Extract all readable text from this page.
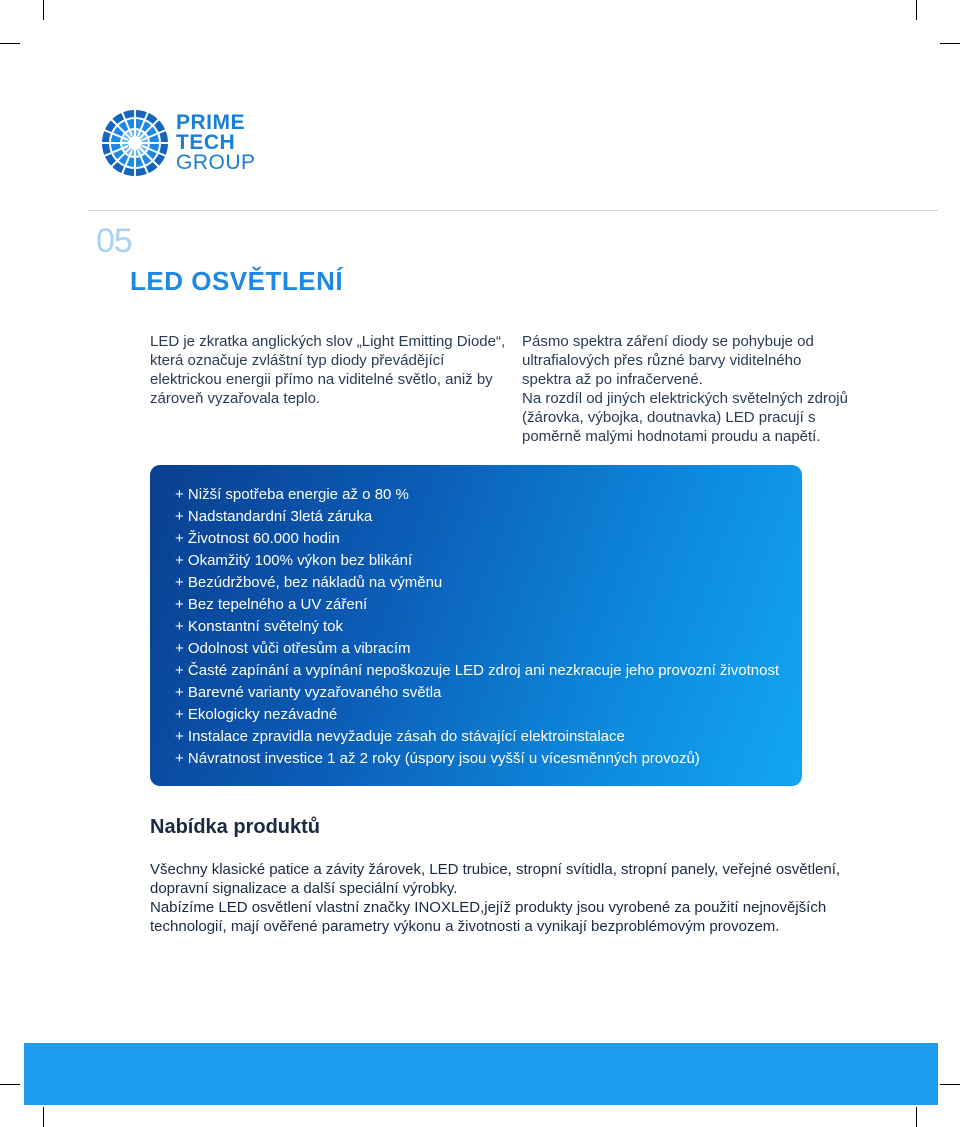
PRIME
TECH
GROUP
05
LED OSVĚTLENÍ

LED je zkratka anglických slov „Light Emitting Diode“, která označuje zvláštní typ diody převádějící elektrickou energii přímo na viditelné světlo, aniž by zároveň vyzařovala teplo.

Pásmo spektra záření diody se pohybuje od ultrafialových přes různé barvy viditelného spektra až po infračervené.

Na rozdíl od jiných elektrických světelných zdrojů (žárovka, výbojka, doutnavka) LED pracují s poměrně malými hodnotami proudu a napětí.

+ Nižší spotřeba energie až o 80 %
+ Nadstandardní 3letá záruka
+ Životnost 60.000 hodin
+ Okamžitý 100% výkon bez blikání
+ Bezúdržbové, bez nákladů na výměnu
+ Bez tepelného a UV záření
+ Konstantní světelný tok
+ Odolnost vůči otřesům a vibracím
+ Časté zapínání a vypínání nepoškozuje LED zdroj ani nezkracuje jeho provozní životnost
+ Barevné varianty vyzařovaného světla
+ Ekologicky nezávadné
+ Instalace zpravidla nevyžaduje zásah do stávající elektroinstalace
+ Návratnost investice 1 až 2 roky (úspory jsou vyšší u vícesměnných provozů)
Nabídka produktů

Všechny klasické patice a závity žárovek, LED trubice, stropní svítidla, stropní panely, veřejné osvětlení, dopravní signalizace a další speciální výrobky.

Nabízíme LED osvětlení vlastní značky INOXLED,jejíž produkty jsou vyrobené za použití nejnovějších technologií, mají ověřené parametry výkonu a životnosti a vynikají bezproblémovým provozem.
